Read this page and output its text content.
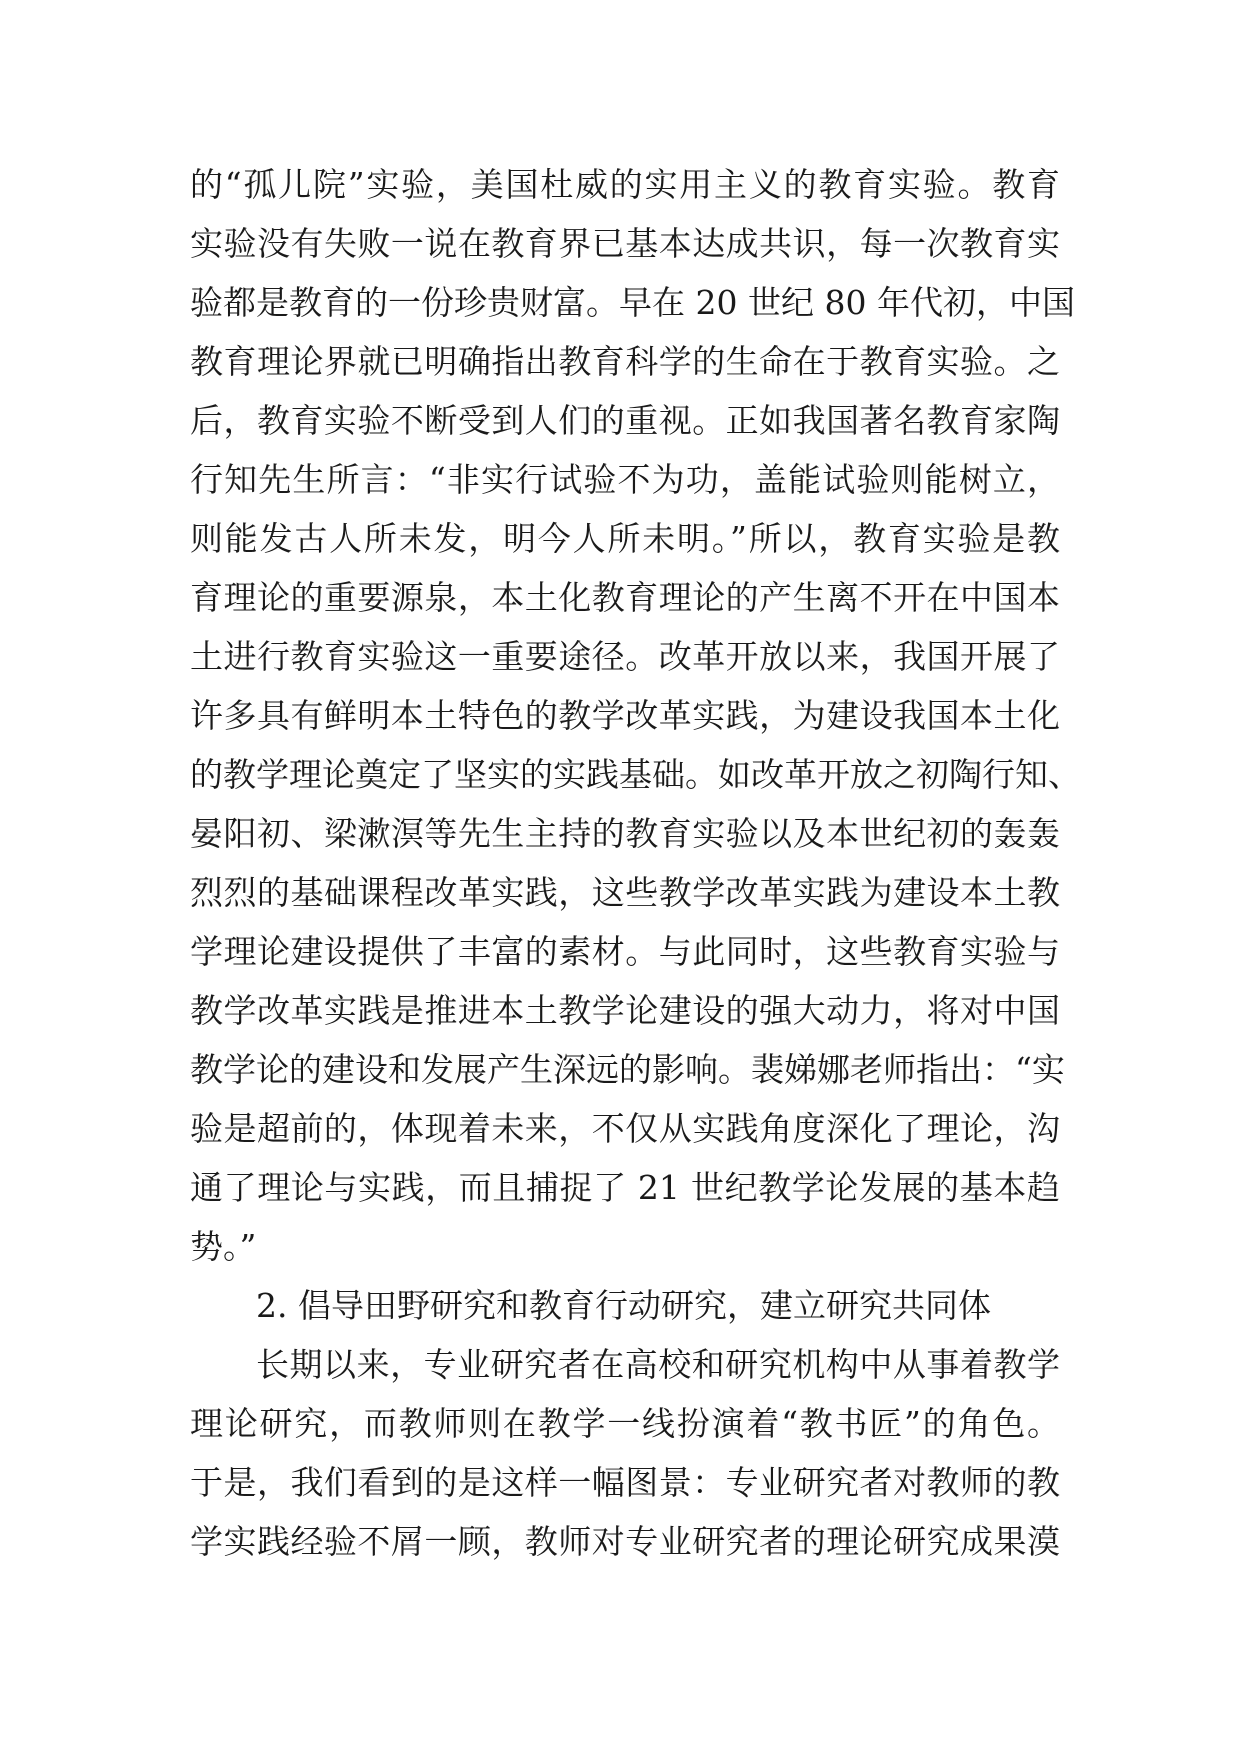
的“孤儿院”实验，美国杜威的实用主义的教育实验。教育
实验没有失败一说在教育界已基本达成共识，每一次教育实
验都是教育的一份珍贵财富。早在 20 世纪 80 年代初，中国
教育理论界就已明确指出教育科学的生命在于教育实验。之
后，教育实验不断受到人们的重视。正如我国著名教育家陶
行知先生所言：“非实行试验不为功，盖能试验则能树立，
则能发古人所未发，明今人所未明。”所以，教育实验是教
育理论的重要源泉，本土化教育理论的产生离不开在中国本
土进行教育实验这一重要途径。改革开放以来，我国开展了
许多具有鲜明本土特色的教学改革实践，为建设我国本土化
的教学理论奠定了坚实的实践基础。如改革开放之初陶行知、
晏阳初、梁漱溟等先生主持的教育实验以及本世纪初的轰轰
烈烈的基础课程改革实践，这些教学改革实践为建设本土教
学理论建设提供了丰富的素材。与此同时，这些教育实验与
教学改革实践是推进本土教学论建设的强大动力，将对中国
教学论的建设和发展产生深远的影响。裴娣娜老师指出：“实
验是超前的，体现着未来，不仅从实践角度深化了理论，沟
通了理论与实践，而且捕捉了 21 世纪教学论发展的基本趋
势。”
2. 倡导田野研究和教育行动研究，建立研究共同体
长期以来，专业研究者在高校和研究机构中从事着教学
理论研究，而教师则在教学一线扮演着“教书匠”的角色。
于是，我们看到的是这样一幅图景：专业研究者对教师的教
学实践经验不屑一顾，教师对专业研究者的理论研究成果漠
